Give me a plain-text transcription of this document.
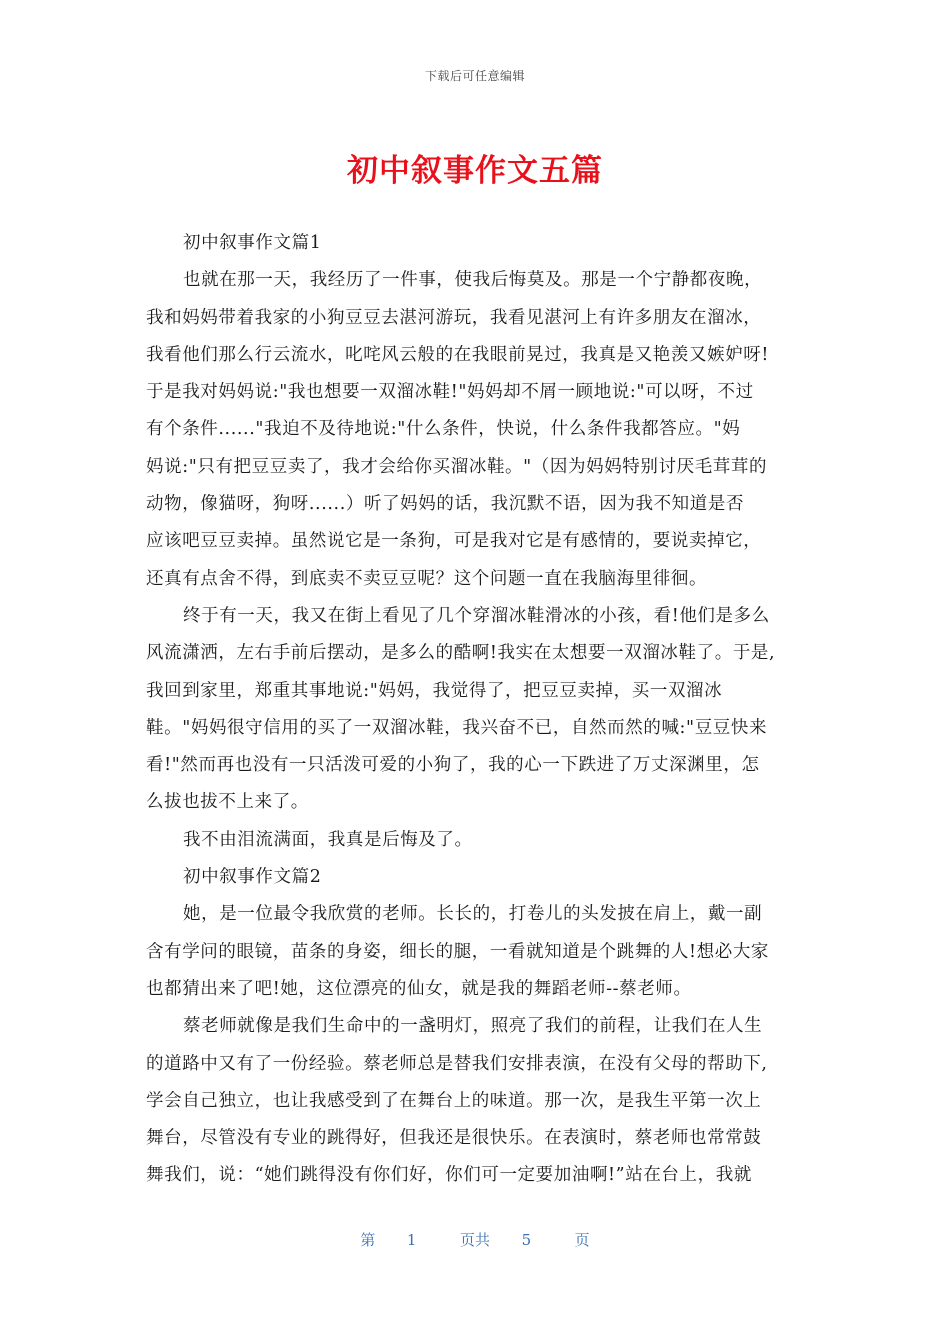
下载后可任意编辑
初中叙事作文五篇
初中叙事作文篇1
也就在那一天，我经历了一件事，使我后悔莫及。那是一个宁静都夜晚，
我和妈妈带着我家的小狗豆豆去湛河游玩，我看见湛河上有许多朋友在溜冰，
我看他们那么行云流水，叱咤风云般的在我眼前晃过，我真是又艳羡又嫉妒呀!
于是我对妈妈说:"我也想要一双溜冰鞋!"妈妈却不屑一顾地说:"可以呀，不过
有个条件......"我迫不及待地说:"什么条件，快说，什么条件我都答应。"妈
妈说:"只有把豆豆卖了，我才会给你买溜冰鞋。"（因为妈妈特别讨厌毛茸茸的
动物，像猫呀，狗呀......）听了妈妈的话，我沉默不语，因为我不知道是否
应该吧豆豆卖掉。虽然说它是一条狗，可是我对它是有感情的，要说卖掉它，
还真有点舍不得，到底卖不卖豆豆呢？这个问题一直在我脑海里徘徊。
终于有一天，我又在街上看见了几个穿溜冰鞋滑冰的小孩，看!他们是多么
风流潇洒，左右手前后摆动，是多么的酷啊!我实在太想要一双溜冰鞋了。于是,
我回到家里，郑重其事地说:"妈妈，我觉得了，把豆豆卖掉，买一双溜冰
鞋。"妈妈很守信用的买了一双溜冰鞋，我兴奋不已，自然而然的喊:"豆豆快来
看!"然而再也没有一只活泼可爱的小狗了，我的心一下跌进了万丈深渊里，怎
么拔也拔不上来了。
我不由泪流满面，我真是后悔及了。
初中叙事作文篇2
她，是一位最令我欣赏的老师。长长的，打卷儿的头发披在肩上，戴一副
含有学问的眼镜，苗条的身姿，细长的腿，一看就知道是个跳舞的人!想必大家
也都猜出来了吧!她，这位漂亮的仙女，就是我的舞蹈老师--蔡老师。
蔡老师就像是我们生命中的一盏明灯，照亮了我们的前程，让我们在人生
的道路中又有了一份经验。蔡老师总是替我们安排表演，在没有父母的帮助下,
学会自己独立，也让我感受到了在舞台上的味道。那一次，是我生平第一次上
舞台，尽管没有专业的跳得好，但我还是很快乐。在表演时，蔡老师也常常鼓
舞我们，说：“她们跳得没有你们好，你们可一定要加油啊!”站在台上，我就
第 1	页共 5	页
